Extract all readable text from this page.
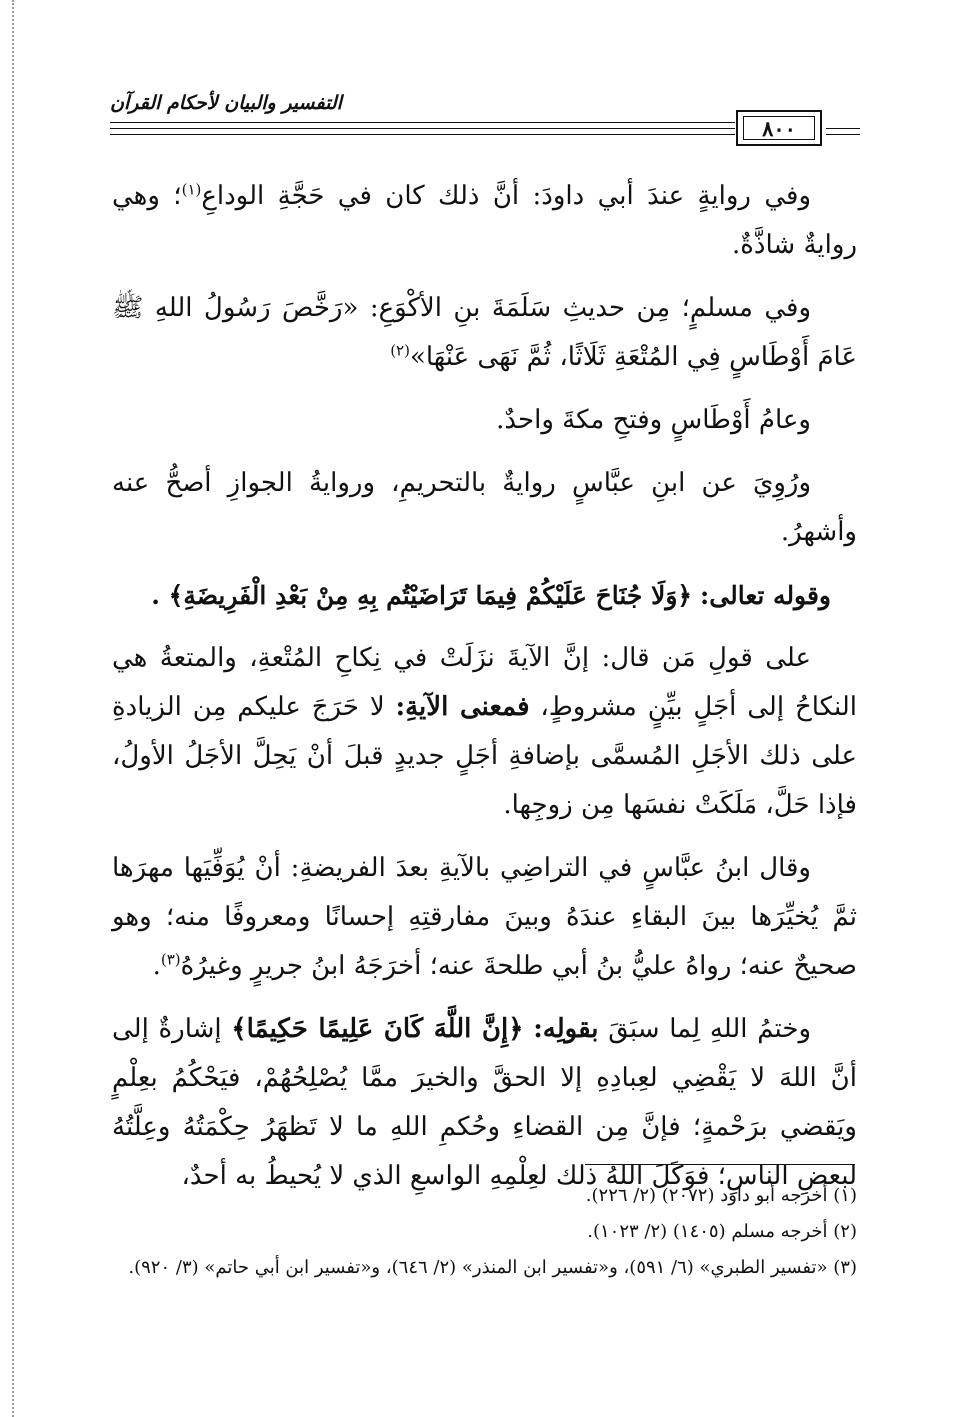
التفسير والبيان لأحكام القرآن
٨٠٠

وفي روايةٍ عندَ أبي داودَ: أنَّ ذلك كان في حَجَّةِ الوداعِ$^{(١)}$؛ وهي روايةٌ شاذَّةٌ.

وفي مسلمٍ؛ مِن حديثِ سَلَمَةَ بنِ الأكْوَعِ: «رَخَّصَ رَسُولُ اللهِ ﷺ عَامَ أَوْطَاسٍ فِي المُتْعَةِ ثَلَاثًا، ثُمَّ نَهَى عَنْهَا»$^{(٢)}$

وعامُ أَوْطَاسٍ وفتحِ مكةَ واحدٌ.

ورُوِيَ عن ابنِ عبَّاسٍ روايةٌ بالتحريمِ، وروايةُ الجوازِ أصحُّ عنه وأشهرُ.

وقوله تعالى: ﴿وَلَا جُنَاحَ عَلَيْكُمْ فِيمَا تَرَاضَيْتُم بِهِ مِنْ بَعْدِ الْفَرِيضَةِ﴾ .

على قولِ مَن قال: إنَّ الآيةَ نزَلَتْ في نِكاحِ المُتْعةِ، والمتعةُ هي النكاحُ إلى أجَلٍ بيِّنٍ مشروطٍ، فمعنى الآيةِ: لا حَرَجَ عليكم مِن الزيادةِ على ذلك الأجَلِ المُسمَّى بإضافةِ أجَلٍ جديدٍ قبلَ أنْ يَحِلَّ الأجَلُ الأولُ، فإذا حَلَّ، مَلَكَتْ نفسَها مِن زوجِها.

وقال ابنُ عبَّاسٍ في التراضِي بالآيةِ بعدَ الفريضةِ: أنْ يُوَفِّيَها مهرَها ثمَّ يُخيِّرَها بينَ البقاءِ عندَهُ وبينَ مفارقتِهِ إحسانًا ومعروفًا منه؛ وهو صحيحٌ عنه؛ رواهُ عليُّ بنُ أبي طلحةَ عنه؛ أخرَجَهُ ابنُ جريرٍ وغيرُهُ$^{(٣)}$.

وختمُ اللهِ لِما سبَقَ بقولِه: ﴿إِنَّ اللَّهَ كَانَ عَلِيمًا حَكِيمًا﴾ إشارةٌ إلى أنَّ اللهَ لا يَقْضِي لعِبادِهِ إلا الحقَّ والخيرَ ممَّا يُصْلِحُهُمْ، فيَحْكُمُ بعِلْمٍ ويَقضي برَحْمةٍ؛ فإنَّ مِن القضاءِ وحُكمِ اللهِ ما لا تَظهَرُ حِكْمَتُهُ وعِلَّتُهُ لبعضِ الناسِ؛ فوَكَلَ اللهُ ذلك لعِلْمِهِ الواسعِ الذي لا يُحيطُ به أحدٌ،

(١) أخرجه أبو داود (٢٠٧٢) (٢/ ٢٢٦).

(٢) أخرجه مسلم (١٤٠٥) (٢/ ١٠٢٣).

(٣) «تفسير الطبري» (٦/ ٥٩١)، و«تفسير ابن المنذر» (٢/ ٦٤٦)، و«تفسير ابن أبي حاتم» (٣/ ٩٢٠).
